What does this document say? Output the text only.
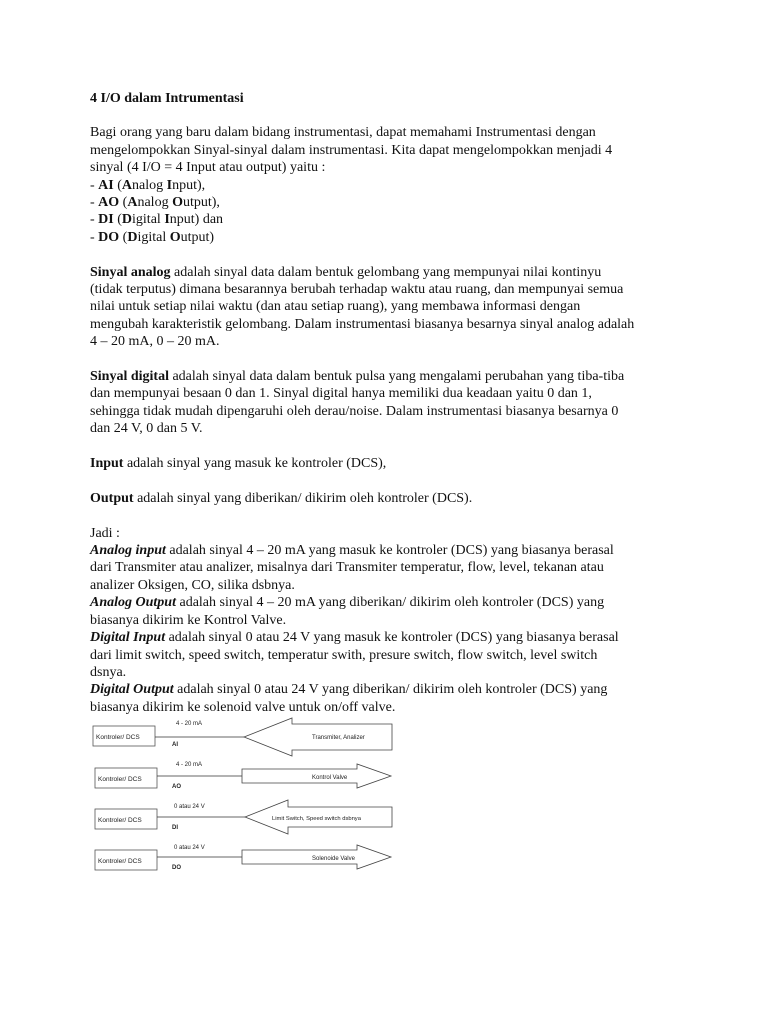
4 I/O dalam Intrumentasi

Bagi orang yang baru dalam bidang instrumentasi, dapat memahami Instrumentasi dengan

mengelompokkan Sinyal-sinyal dalam instrumentasi. Kita dapat mengelompokkan menjadi 4

sinyal (4 I/O = 4 Input atau output) yaitu :

- AI (Analog Input),

- AO (Analog Output),

- DI (Digital Input) dan

- DO (Digital Output)

Sinyal analog adalah sinyal data dalam bentuk gelombang yang mempunyai nilai kontinyu

(tidak terputus) dimana besarannya berubah terhadap waktu atau ruang, dan mempunyai semua

nilai untuk setiap nilai waktu (dan atau setiap ruang), yang membawa informasi dengan

mengubah karakteristik gelombang. Dalam instrumentasi biasanya besarnya sinyal analog adalah

4 – 20 mA, 0 – 20 mA.

Sinyal digital adalah sinyal data dalam bentuk pulsa yang mengalami perubahan yang tiba-tiba

dan mempunyai besaan 0 dan 1. Sinyal digital hanya memiliki dua keadaan yaitu 0 dan 1,

sehingga tidak mudah dipengaruhi oleh derau/noise. Dalam instrumentasi biasanya besarnya 0

dan 24 V, 0 dan 5 V.

Input adalah sinyal yang masuk ke kontroler (DCS),

Output adalah sinyal yang diberikan/ dikirim oleh kontroler (DCS).

Jadi :

Analog input adalah sinyal 4 – 20 mA yang masuk ke kontroler (DCS) yang biasanya berasal

dari Transmiter atau analizer, misalnya dari Transmiter temperatur, flow, level, tekanan atau

analizer Oksigen, CO, silika dsbnya.

Analog Output adalah sinyal 4 – 20 mA yang diberikan/ dikirim oleh kontroler (DCS) yang

biasanya dikirim ke Kontrol Valve.

Digital Input adalah sinyal 0 atau 24 V yang masuk ke kontroler (DCS) yang biasanya berasal

dari limit switch, speed switch, temperatur swith, presure switch, flow switch, level switch

dsnya.

Digital Output adalah sinyal 0 atau 24 V yang diberikan/ dikirim oleh kontroler (DCS) yang

biasanya dikirim ke solenoid valve untuk on/off valve.

Kontroler/ DCS
4 - 20 mA
AI
Transmiter, Analizer
Kontroler/ DCS
4 - 20 mA
AO
Kontrol Valve
Kontroler/ DCS
0 atau 24 V
DI
Limit Switch, Speed switch dsbnya
Kontroler/ DCS
0 atau 24 V
DO
Solenoide Valve
